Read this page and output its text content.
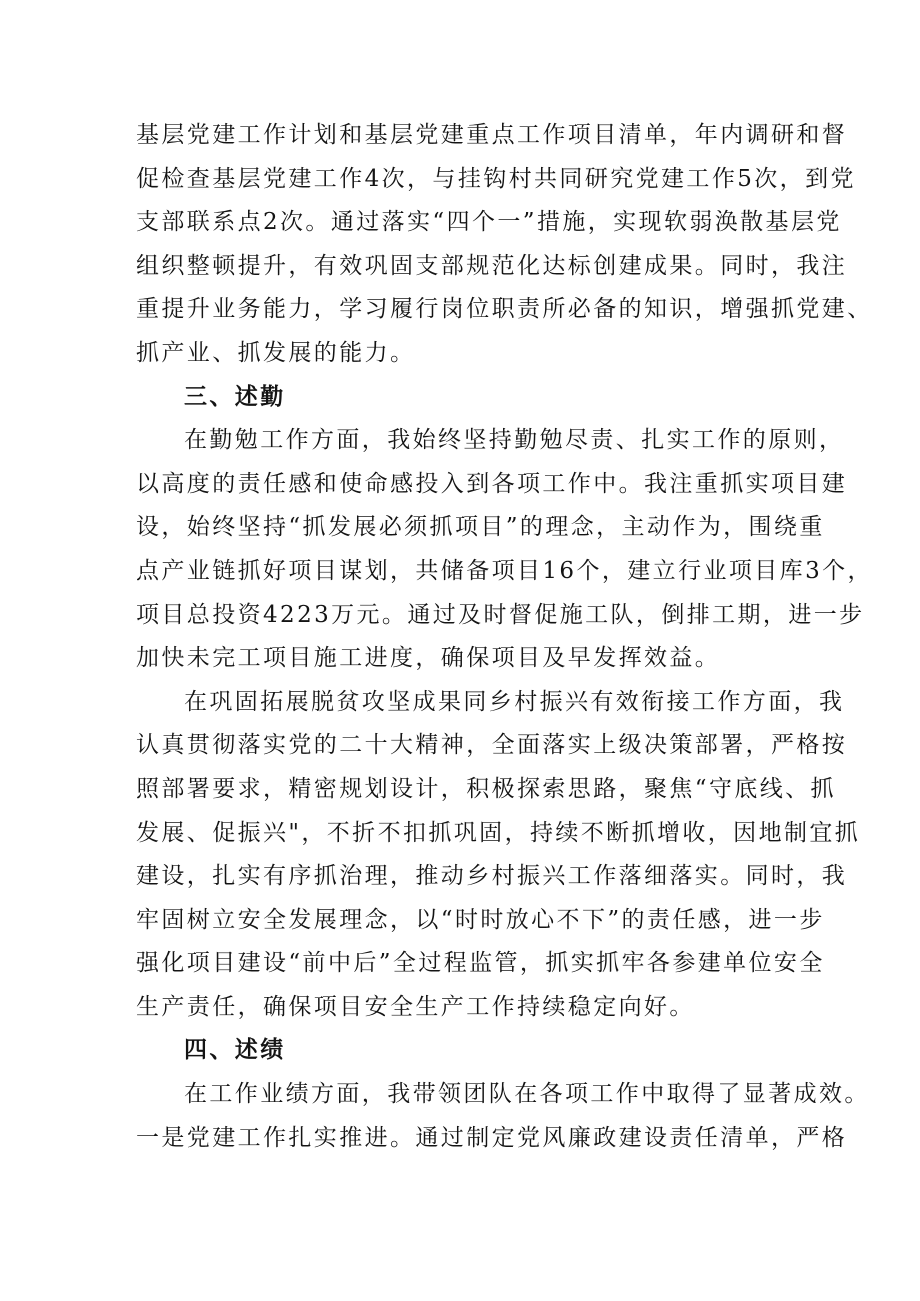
基层党建工作计划和基层党建重点工作项目清单，年内调研和督
促检查基层党建工作4次，与挂钩村共同研究党建工作5次，到党
支部联系点2次。通过落实“四个一”措施，实现软弱涣散基层党
组织整顿提升，有效巩固支部规范化达标创建成果。同时，我注
重提升业务能力，学习履行岗位职责所必备的知识，增强抓党建、
抓产业、抓发展的能力。
三、述勤
在勤勉工作方面，我始终坚持勤勉尽责、扎实工作的原则，
以高度的责任感和使命感投入到各项工作中。我注重抓实项目建
设，始终坚持“抓发展必须抓项目”的理念，主动作为，围绕重
点产业链抓好项目谋划，共储备项目16个，建立行业项目库3个，
项目总投资4223万元。通过及时督促施工队，倒排工期，进一步
加快未完工项目施工进度，确保项目及早发挥效益。
在巩固拓展脱贫攻坚成果同乡村振兴有效衔接工作方面，我
认真贯彻落实党的二十大精神，全面落实上级决策部署，严格按
照部署要求，精密规划设计，积极探索思路，聚焦“守底线、抓
发展、促振兴"，不折不扣抓巩固，持续不断抓增收，因地制宜抓
建设，扎实有序抓治理，推动乡村振兴工作落细落实。同时，我
牢固树立安全发展理念，以“时时放心不下”的责任感，进一步
强化项目建设“前中后”全过程监管，抓实抓牢各参建单位安全
生产责任，确保项目安全生产工作持续稳定向好。
四、述绩
在工作业绩方面，我带领团队在各项工作中取得了显著成效。
一是党建工作扎实推进。通过制定党风廉政建设责任清单，严格
